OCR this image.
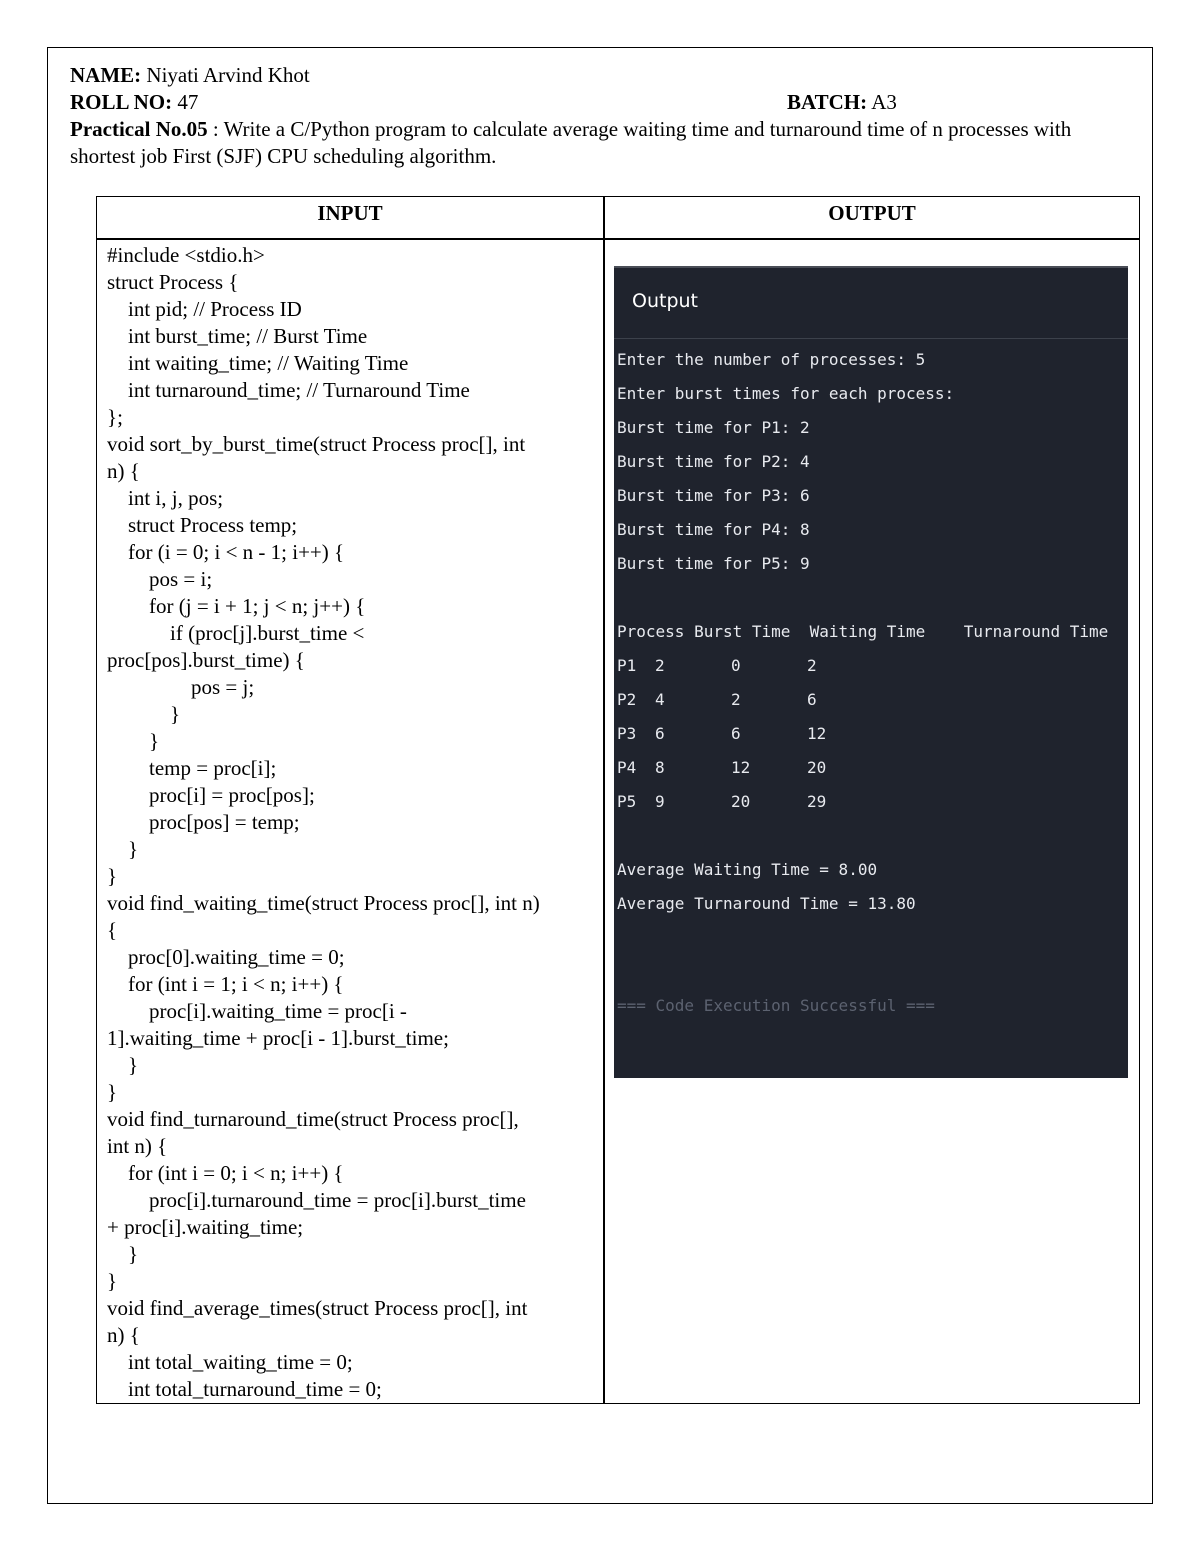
NAME: Niyati Arvind Khot
ROLL NO: 47	BATCH: A3
Practical No.05 : Write a C/Python program to calculate average waiting time and turnaround time of n processes with shortest job First (SJF) CPU scheduling algorithm.
INPUT	OUTPUT
#include <stdio.h>
struct Process {
int pid; // Process ID
int burst_time; // Burst Time
int waiting_time; // Waiting Time
int turnaround_time; // Turnaround Time
};
void sort_by_burst_time(struct Process proc[], int
n) {
int i, j, pos;
struct Process temp;
for (i = 0; i < n - 1; i++) {
pos = i;
for (j = i + 1; j < n; j++) {
if (proc[j].burst_time <
proc[pos].burst_time) {
pos = j;
}
}
temp = proc[i];
proc[i] = proc[pos];
proc[pos] = temp;
}
}
void find_waiting_time(struct Process proc[], int n)
{
proc[0].waiting_time = 0;
for (int i = 1; i < n; i++) {
proc[i].waiting_time = proc[i -
1].waiting_time + proc[i - 1].burst_time;
}
}
void find_turnaround_time(struct Process proc[],
int n) {
for (int i = 0; i < n; i++) {
proc[i].turnaround_time = proc[i].burst_time
+ proc[i].waiting_time;
}
}
void find_average_times(struct Process proc[], int
n) {
int total_waiting_time = 0;
int total_turnaround_time = 0;
Output
Enter the number of processes: 5
Enter burst times for each process:
Burst time for P1: 2
Burst time for P2: 4
Burst time for P3: 6
Burst time for P4: 8
Burst time for P5: 9
Process Burst Time  Waiting Time    Turnaround Time
P1 2	0	2
P2 4	2	6
P3 6	6	12
P4 8	12	20
P5 9	20	29
Average Waiting Time = 8.00
Average Turnaround Time = 13.80
=== Code Execution Successful ===
